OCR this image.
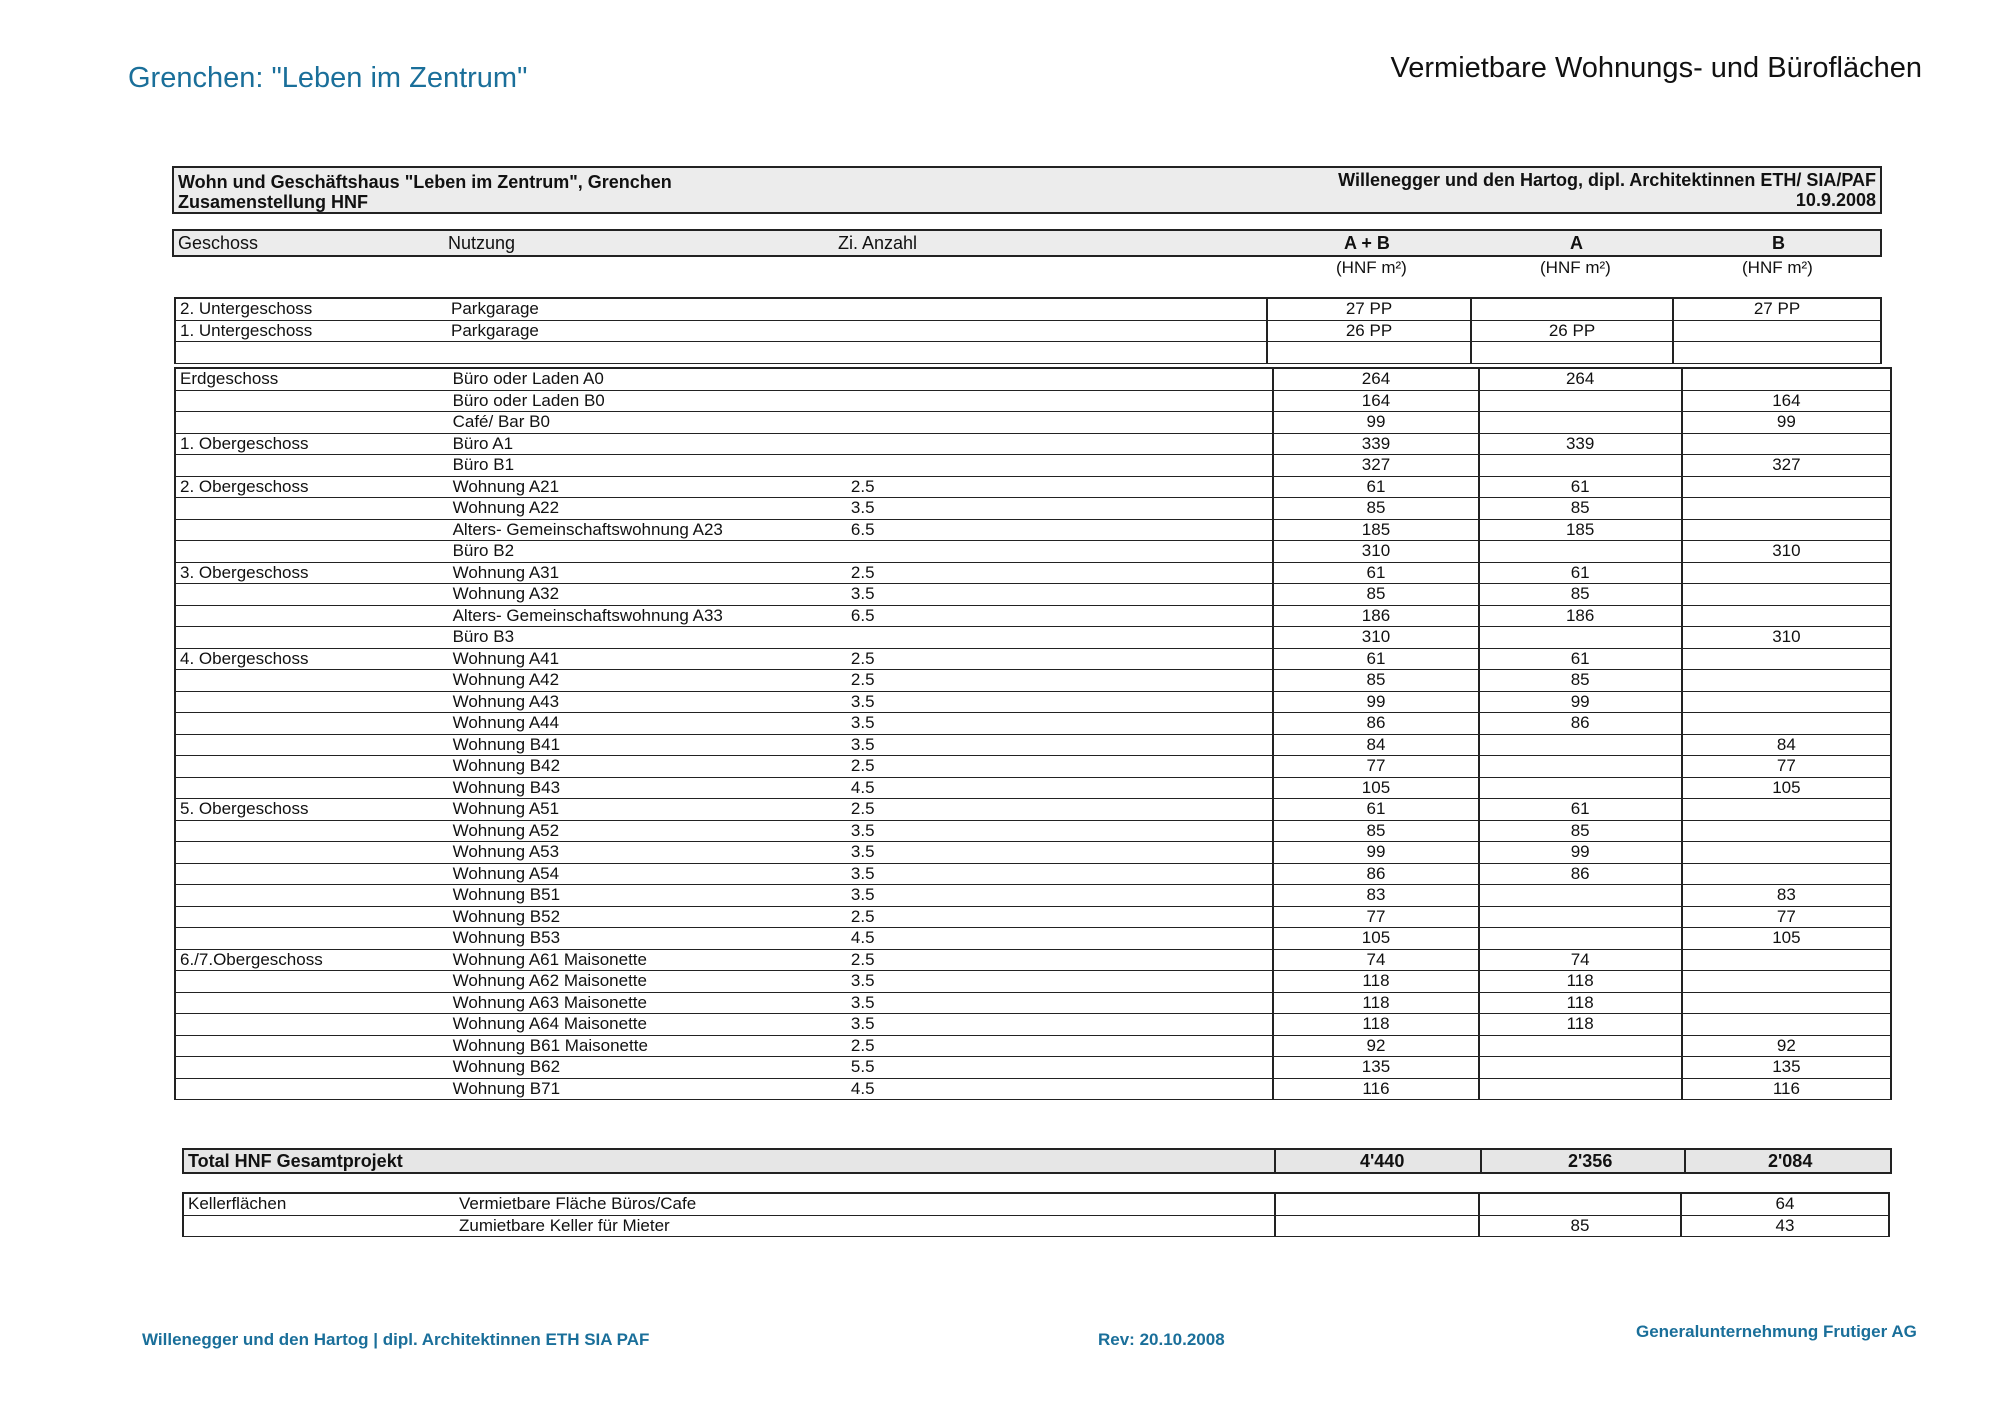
Grenchen: "Leben im Zentrum"	Vermietbare Wohnungs- und Büroflächen
Wohn und Geschäftshaus "Leben im Zentrum", Grenchen
Zusamenstellung HNF
Willenegger und den Hartog, dipl. Architektinnen ETH/ SIA/PAF
10.9.2008
Geschoss	Nutzung	Zi. Anzahl	A + B	A	B
(HNF m²)	(HNF m²)	(HNF m²)
2. Untergeschoss	Parkgarage		27 PP		27 PP
1. Untergeschoss	Parkgarage		26 PP	26 PP	

Erdgeschoss	Büro oder Laden A0		264	264	
	Büro oder Laden B0		164		164
	Café/ Bar B0		99		99
1. Obergeschoss	Büro A1		339	339	
	Büro B1		327		327
2. Obergeschoss	Wohnung A21	2.5	61	61	
	Wohnung A22	3.5	85	85	
	Alters- Gemeinschaftswohnung A23	6.5	185	185	
	Büro B2		310		310
3. Obergeschoss	Wohnung A31	2.5	61	61	
	Wohnung A32	3.5	85	85	
	Alters- Gemeinschaftswohnung A33	6.5	186	186	
	Büro B3		310		310
4. Obergeschoss	Wohnung A41	2.5	61	61	
	Wohnung A42	2.5	85	85	
	Wohnung A43	3.5	99	99	
	Wohnung A44	3.5	86	86	
	Wohnung B41	3.5	84		84
	Wohnung B42	2.5	77		77
	Wohnung B43	4.5	105		105
5. Obergeschoss	Wohnung A51	2.5	61	61	
	Wohnung A52	3.5	85	85	
	Wohnung A53	3.5	99	99	
	Wohnung A54	3.5	86	86	
	Wohnung B51	3.5	83		83
	Wohnung B52	2.5	77		77
	Wohnung B53	4.5	105		105
6./7.Obergeschoss	Wohnung A61 Maisonette	2.5	74	74	
	Wohnung A62 Maisonette	3.5	118	118	
	Wohnung A63 Maisonette	3.5	118	118	
	Wohnung A64 Maisonette	3.5	118	118	
	Wohnung B61 Maisonette	2.5	92		92
	Wohnung B62	5.5	135		135
	Wohnung B71	4.5	116		116
Total HNF Gesamtprojekt	4'440	2'356	2'084
Kellerflächen	Vermietbare Fläche Büros/Cafe				64
	Zumietbare Keller für Mieter			85	43
Willenegger und den Hartog | dipl. Architektinnen ETH SIA PAF	Rev: 20.10.2008	Generalunternehmung Frutiger AG
